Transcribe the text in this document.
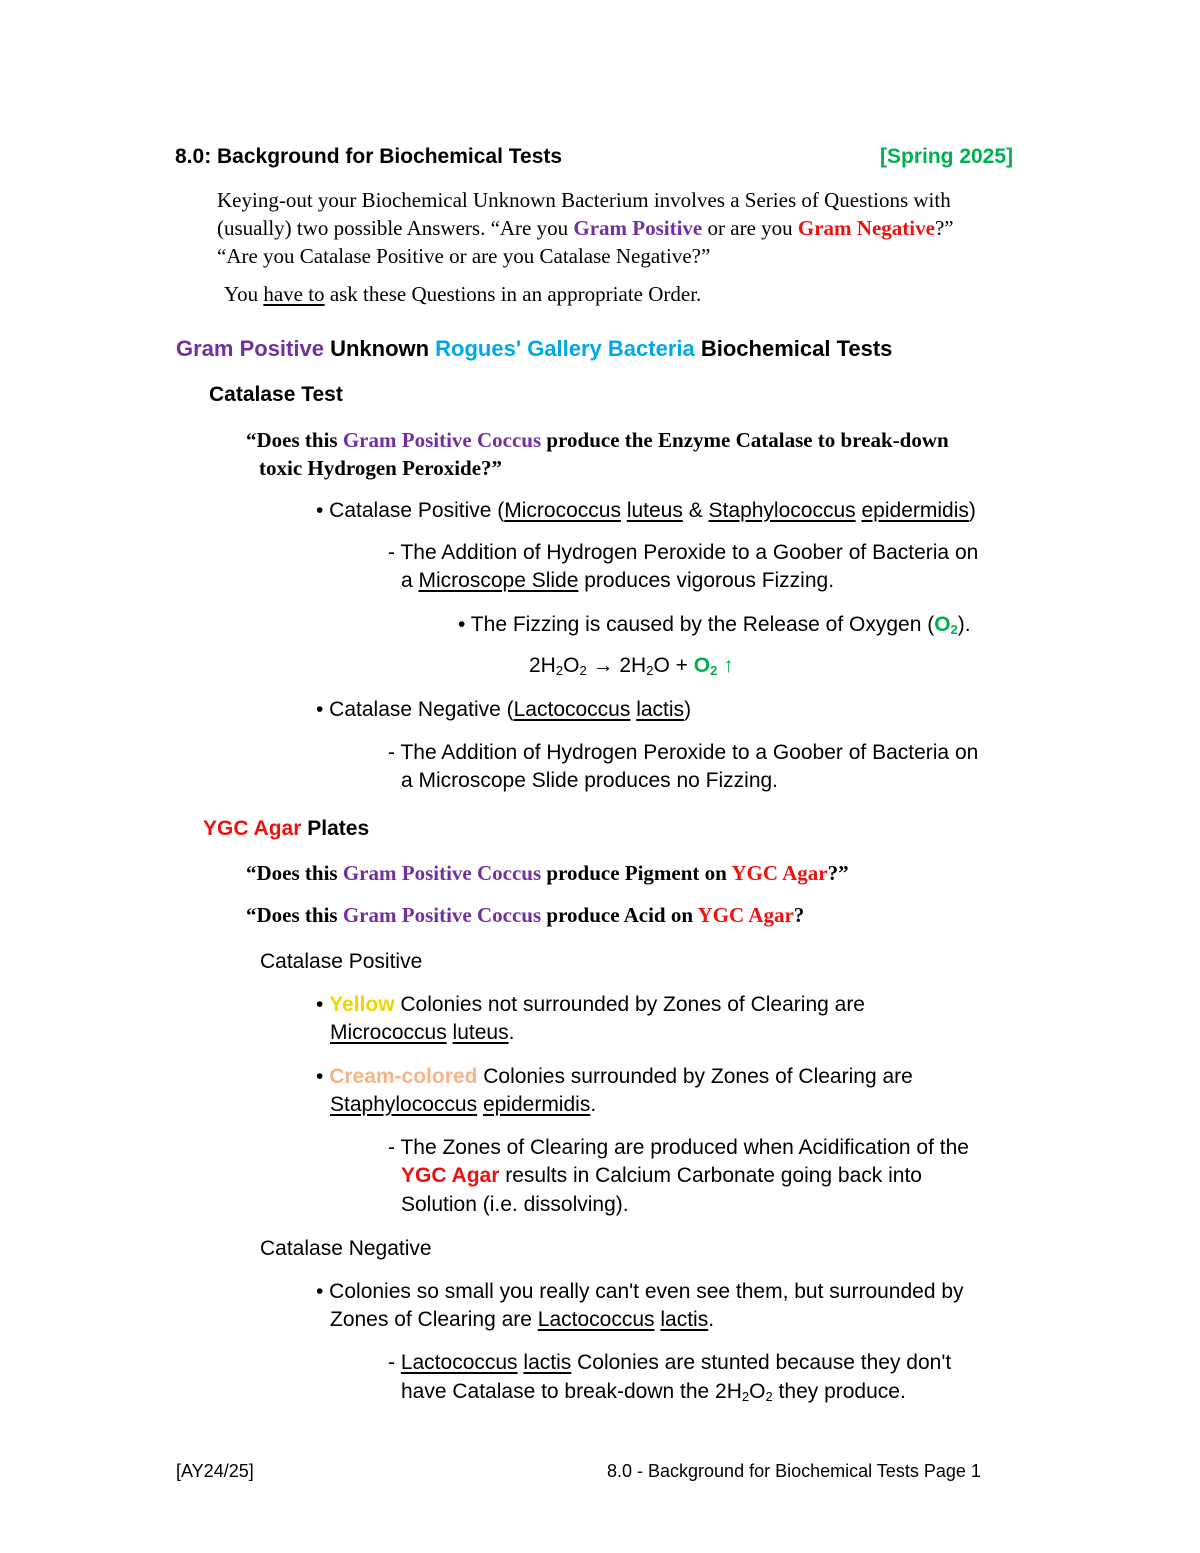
8.0: Background for Biochemical Tests	[Spring 2025]
Keying-out your Biochemical Unknown Bacterium involves a Series of Questions with
(usually) two possible Answers. “Are you Gram Positive or are you Gram Negative?”
“Are you Catalase Positive or are you Catalase Negative?”
You have to ask these Questions in an appropriate Order.
Gram Positive Unknown Rogues' Gallery Bacteria Biochemical Tests
Catalase Test
“Does this Gram Positive Coccus produce the Enzyme Catalase to break-down
toxic Hydrogen Peroxide?”
• Catalase Positive (Micrococcus luteus & Staphylococcus epidermidis)
- The Addition of Hydrogen Peroxide to a Goober of Bacteria on
a Microscope Slide produces vigorous Fizzing.
• The Fizzing is caused by the Release of Oxygen $(O_2)$.
$2H_2O_2 \to 2H_2O + O_2$ ↑
• Catalase Negative (Lactococcus lactis)
- The Addition of Hydrogen Peroxide to a Goober of Bacteria on
a Microscope Slide produces no Fizzing.
YGC Agar Plates
“Does this Gram Positive Coccus produce Pigment on YGC Agar?”
“Does this Gram Positive Coccus produce Acid on YGC Agar?
Catalase Positive
• Yellow Colonies not surrounded by Zones of Clearing are
Micrococcus luteus.
• Cream-colored Colonies surrounded by Zones of Clearing are
Staphylococcus epidermidis.
- The Zones of Clearing are produced when Acidification of the
YGC Agar results in Calcium Carbonate going back into
Solution (i.e. dissolving).
Catalase Negative
• Colonies so small you really can't even see them, but surrounded by
Zones of Clearing are Lactococcus lactis.
- Lactococcus lactis Colonies are stunted because they don't
have Catalase to break-down the $2H_2O_2$ they produce.
[AY24/25]	8.0 - Background for Biochemical Tests Page 1
